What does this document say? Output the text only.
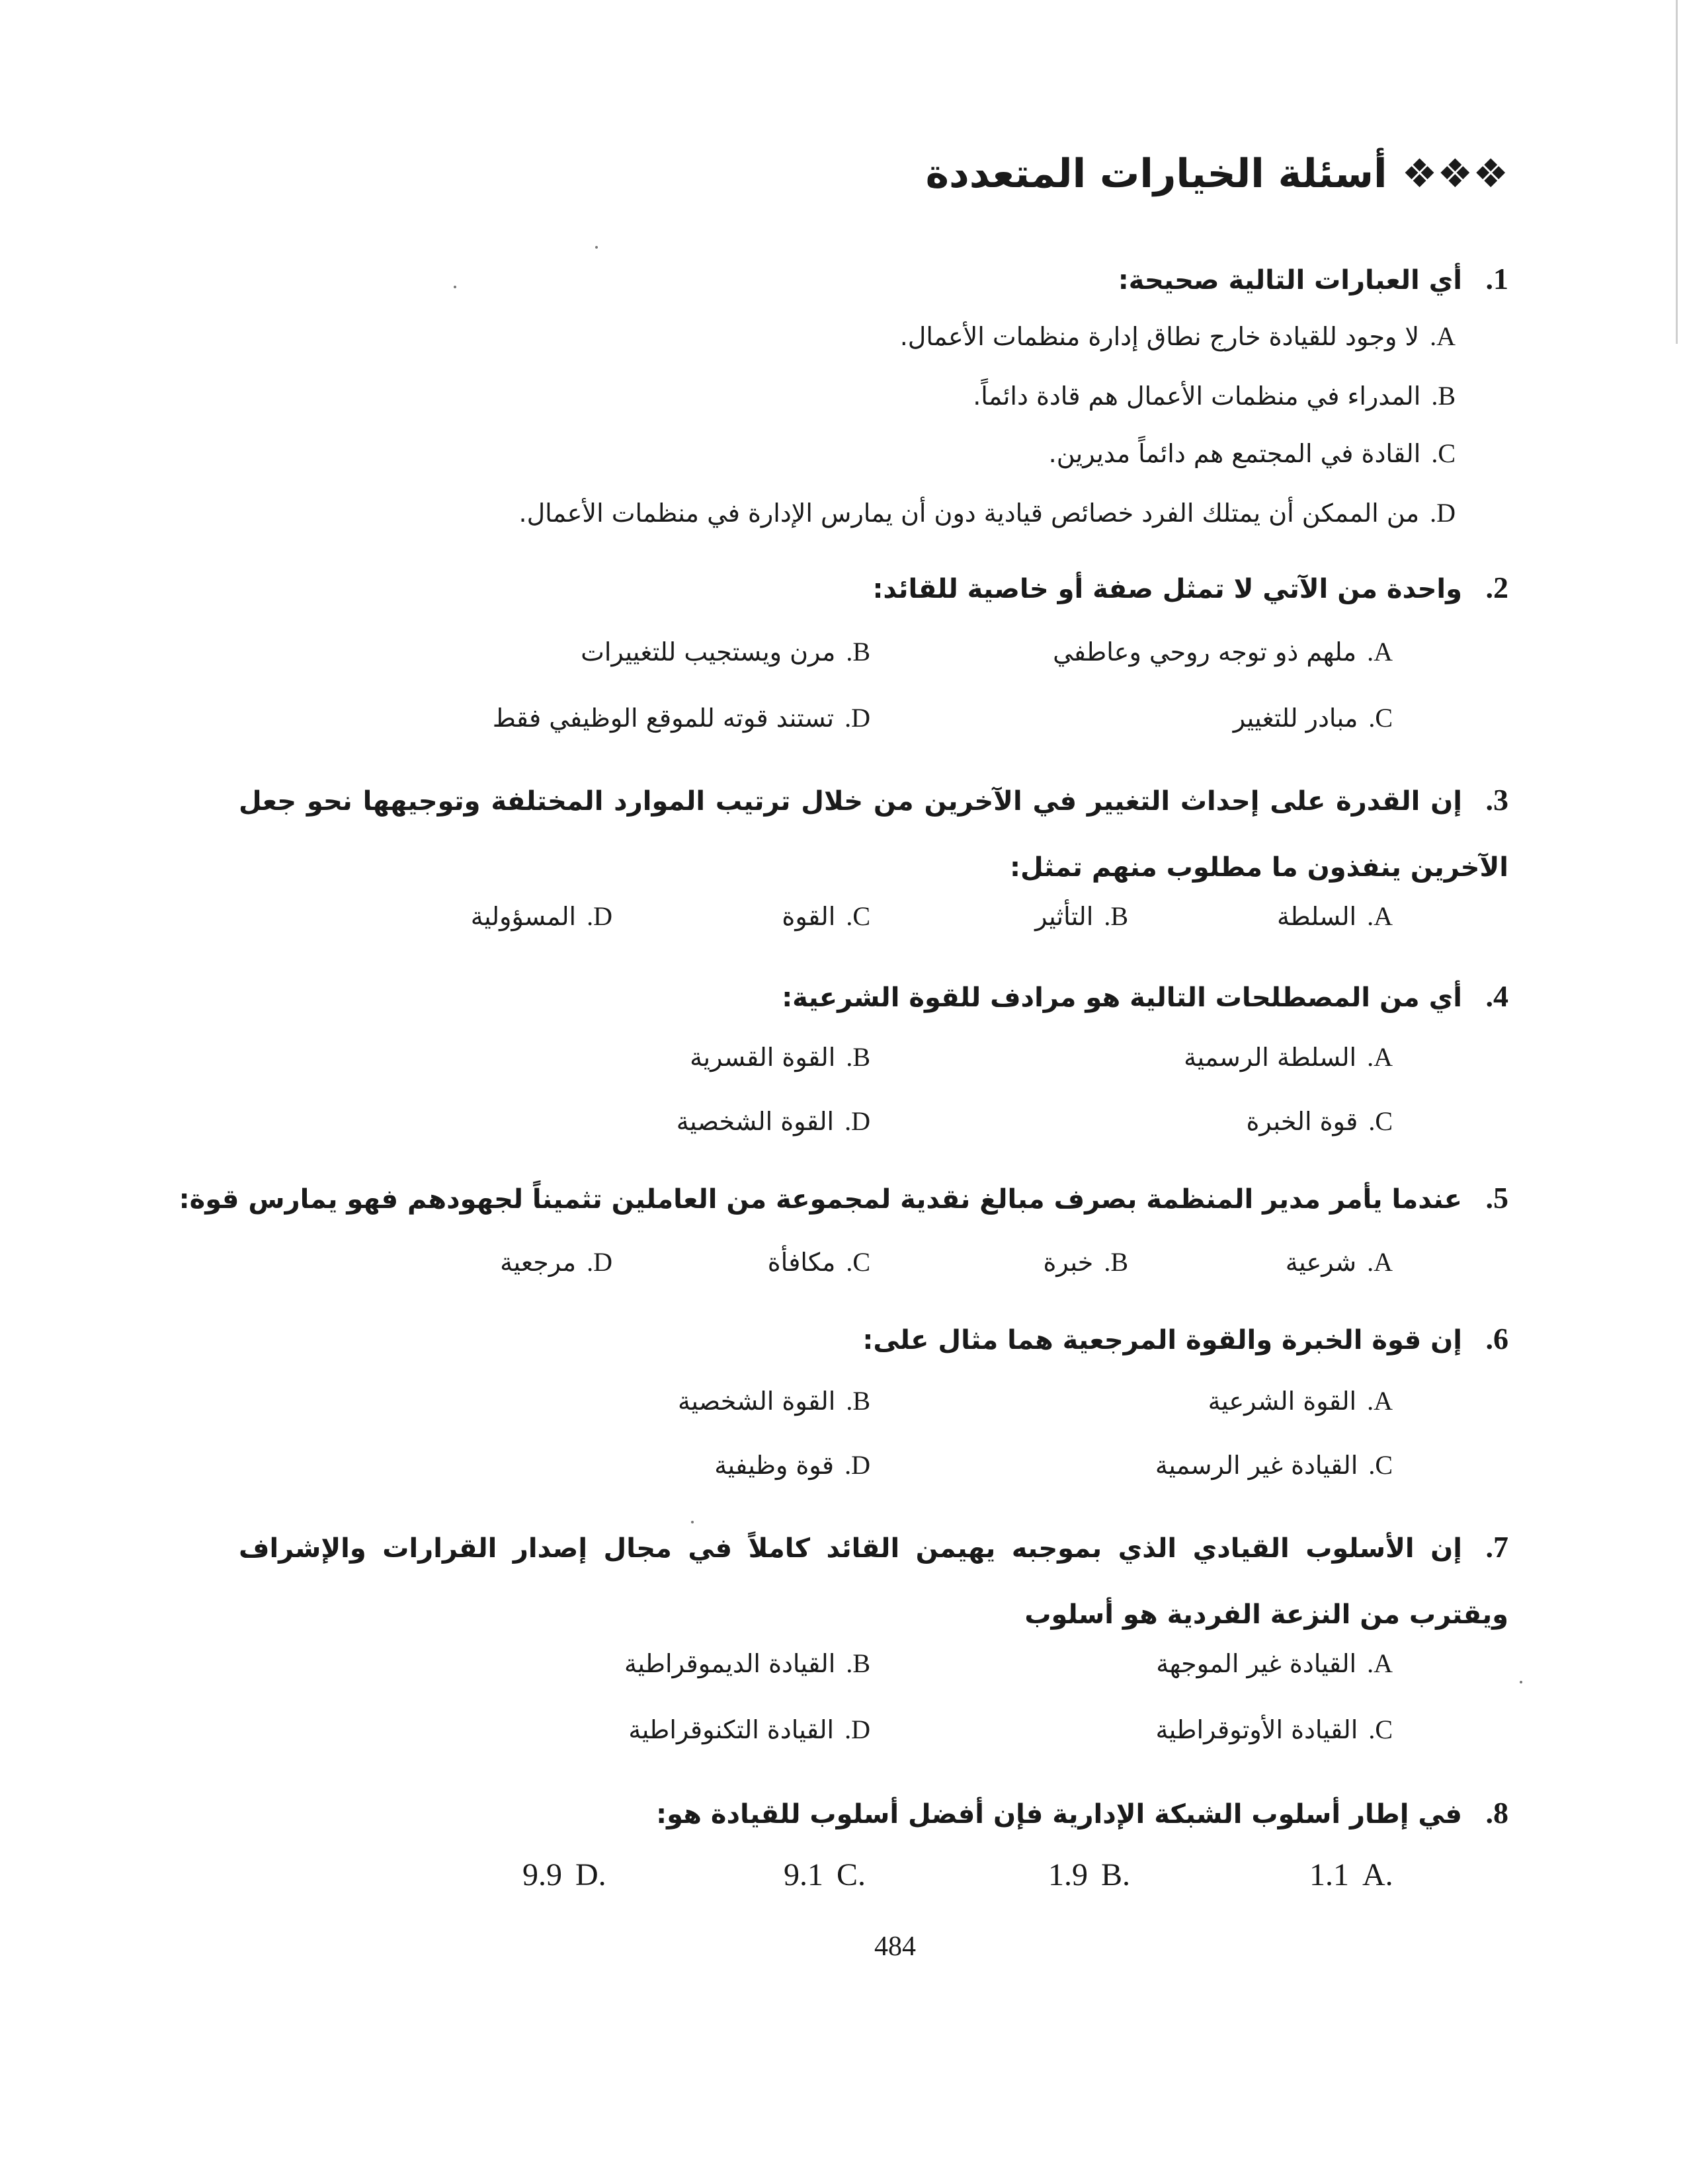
❖❖❖أسئلة الخيارات المتعددة
1.أي العبارات التالية صحيحة:
A.لا وجود للقيادة خارج نطاق إدارة منظمات الأعمال.
B.المدراء في منظمات الأعمال هم قادة دائماً.
C.القادة في المجتمع هم دائماً مديرين.
D.من الممكن أن يمتلك الفرد خصائص قيادية دون أن يمارس الإدارة في منظمات الأعمال.
2.واحدة من الآتي لا تمثل صفة أو خاصية للقائد:
A.ملهم ذو توجه روحي وعاطفي
B.مرن ويستجيب للتغييرات
C.مبادر للتغيير
D.تستند قوته للموقع الوظيفي فقط
3.إن القدرة على إحداث التغيير في الآخرين من خلال ترتيب الموارد المختلفة وتوجيهها نحو جعل الآخرين ينفذون ما مطلوب منهم تمثل:
A.السلطة
B.التأثير
C.القوة
D.المسؤولية
4.أي من المصطلحات التالية هو مرادف للقوة الشرعية:
A.السلطة الرسمية
B.القوة القسرية
C.قوة الخبرة
D.القوة الشخصية
5.عندما يأمر مدير المنظمة بصرف مبالغ نقدية لمجموعة من العاملين تثميناً لجهودهم فهو يمارس قوة:
A.شرعية
B.خبرة
C.مكافأة
D.مرجعية
6.إن قوة الخبرة والقوة المرجعية هما مثال على:
A.القوة الشرعية
B.القوة الشخصية
C.القيادة غير الرسمية
D.قوة وظيفية
7.إن الأسلوب القيادي الذي بموجبه يهيمن القائد كاملاً في مجال إصدار القرارات والإشراف ويقترب من النزعة الفردية هو أسلوب
A.القيادة غير الموجهة
B.القيادة الديموقراطية
C.القيادة الأوتوقراطية
D.القيادة التكنوقراطية
8.في إطار أسلوب الشبكة الإدارية فإن أفضل أسلوب للقيادة هو:
1.1 A.
1.9 B.
9.1 C.
9.9 D.
484
